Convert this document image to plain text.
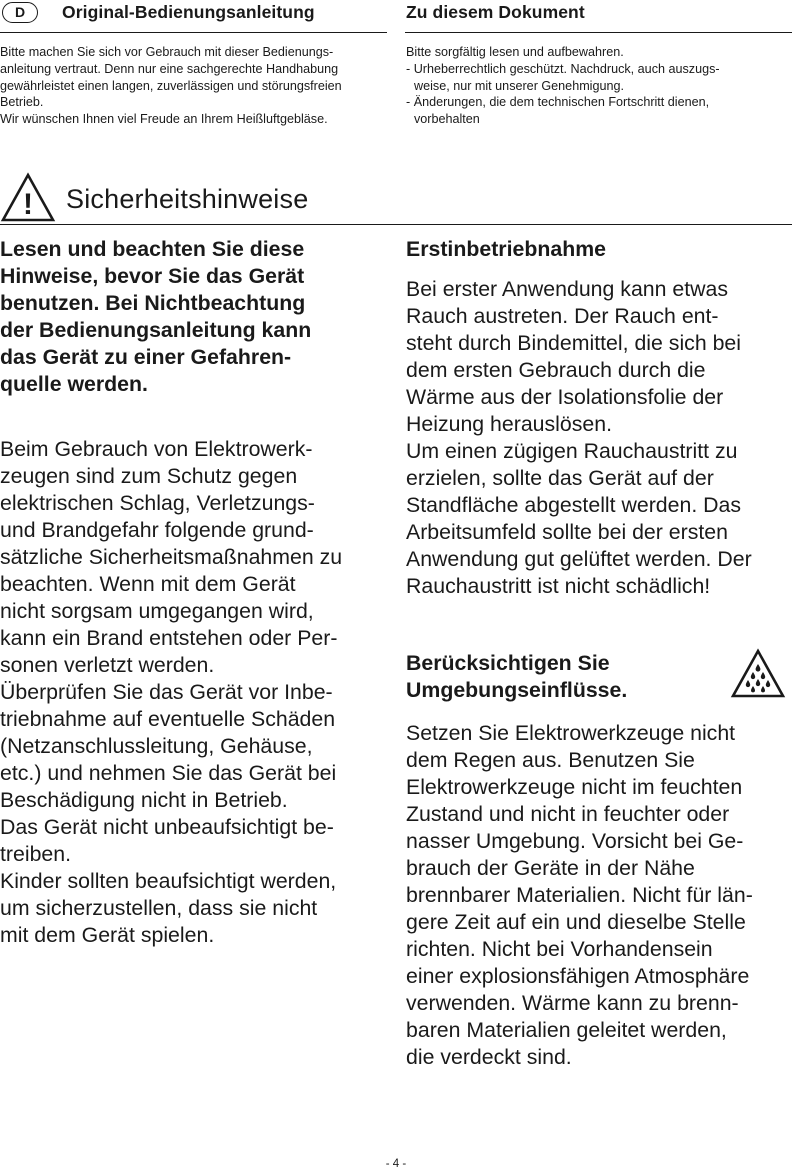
D	Original-Bedienungsanleitung
Bitte machen Sie sich vor Gebrauch mit dieser Bedienungs-
anleitung vertraut. Denn nur eine sachgerechte Handhabung
gewährleistet einen langen, zuverlässigen und störungsfreien
Betrieb.
Wir wünschen Ihnen viel Freude an Ihrem Heißluftgebläse.
Zu diesem Dokument
Bitte sorgfältig lesen und aufbewahren.
- Urheberrechtlich geschützt. Nachdruck, auch auszugs-
weise, nur mit unserer Genehmigung.
- Änderungen, die dem technischen Fortschritt dienen,
vorbehalten
! Sicherheitshinweise
Lesen und beachten Sie diese
Hinweise, bevor Sie das Gerät
benutzen. Bei Nichtbeachtung
der Bedienungsanleitung kann
das Gerät zu einer Gefahren-
quelle werden.
Beim Gebrauch von Elektrowerk-
zeugen sind zum Schutz gegen
elektrischen Schlag, Verletzungs-
und Brandgefahr folgende grund-
sätzliche Sicherheitsmaßnahmen zu
beachten. Wenn mit dem Gerät
nicht sorgsam umgegangen wird,
kann ein Brand entstehen oder Per-
sonen verletzt werden.
Überprüfen Sie das Gerät vor Inbe-
triebnahme auf eventuelle Schäden
(Netzanschlussleitung, Gehäuse,
etc.) und nehmen Sie das Gerät bei
Beschädigung nicht in Betrieb.
Das Gerät nicht unbeaufsichtigt be-
treiben.
Kinder sollten beaufsichtigt werden,
um sicherzustellen, dass sie nicht
mit dem Gerät spielen.
Erstinbetriebnahme
Bei erster Anwendung kann etwas
Rauch austreten. Der Rauch ent-
steht durch Bindemittel, die sich bei
dem ersten Gebrauch durch die
Wärme aus der Isolationsfolie der
Heizung herauslösen.
Um einen zügigen Rauchaustritt zu
erzielen, sollte das Gerät auf der
Standfläche abgestellt werden. Das
Arbeitsumfeld sollte bei der ersten
Anwendung gut gelüftet werden. Der
Rauchaustritt ist nicht schädlich!
Berücksichtigen Sie
Umgebungseinflüsse.
Setzen Sie Elektrowerkzeuge nicht
dem Regen aus. Benutzen Sie
Elektrowerkzeuge nicht im feuchten
Zustand und nicht in feuchter oder
nasser Umgebung. Vorsicht bei Ge-
brauch der Geräte in der Nähe
brennbarer Materialien. Nicht für län-
gere Zeit auf ein und dieselbe Stelle
richten. Nicht bei Vorhandensein
einer explosionsfähigen Atmosphäre
verwenden. Wärme kann zu brenn-
baren Materialien geleitet werden,
die verdeckt sind.
- 4 -
